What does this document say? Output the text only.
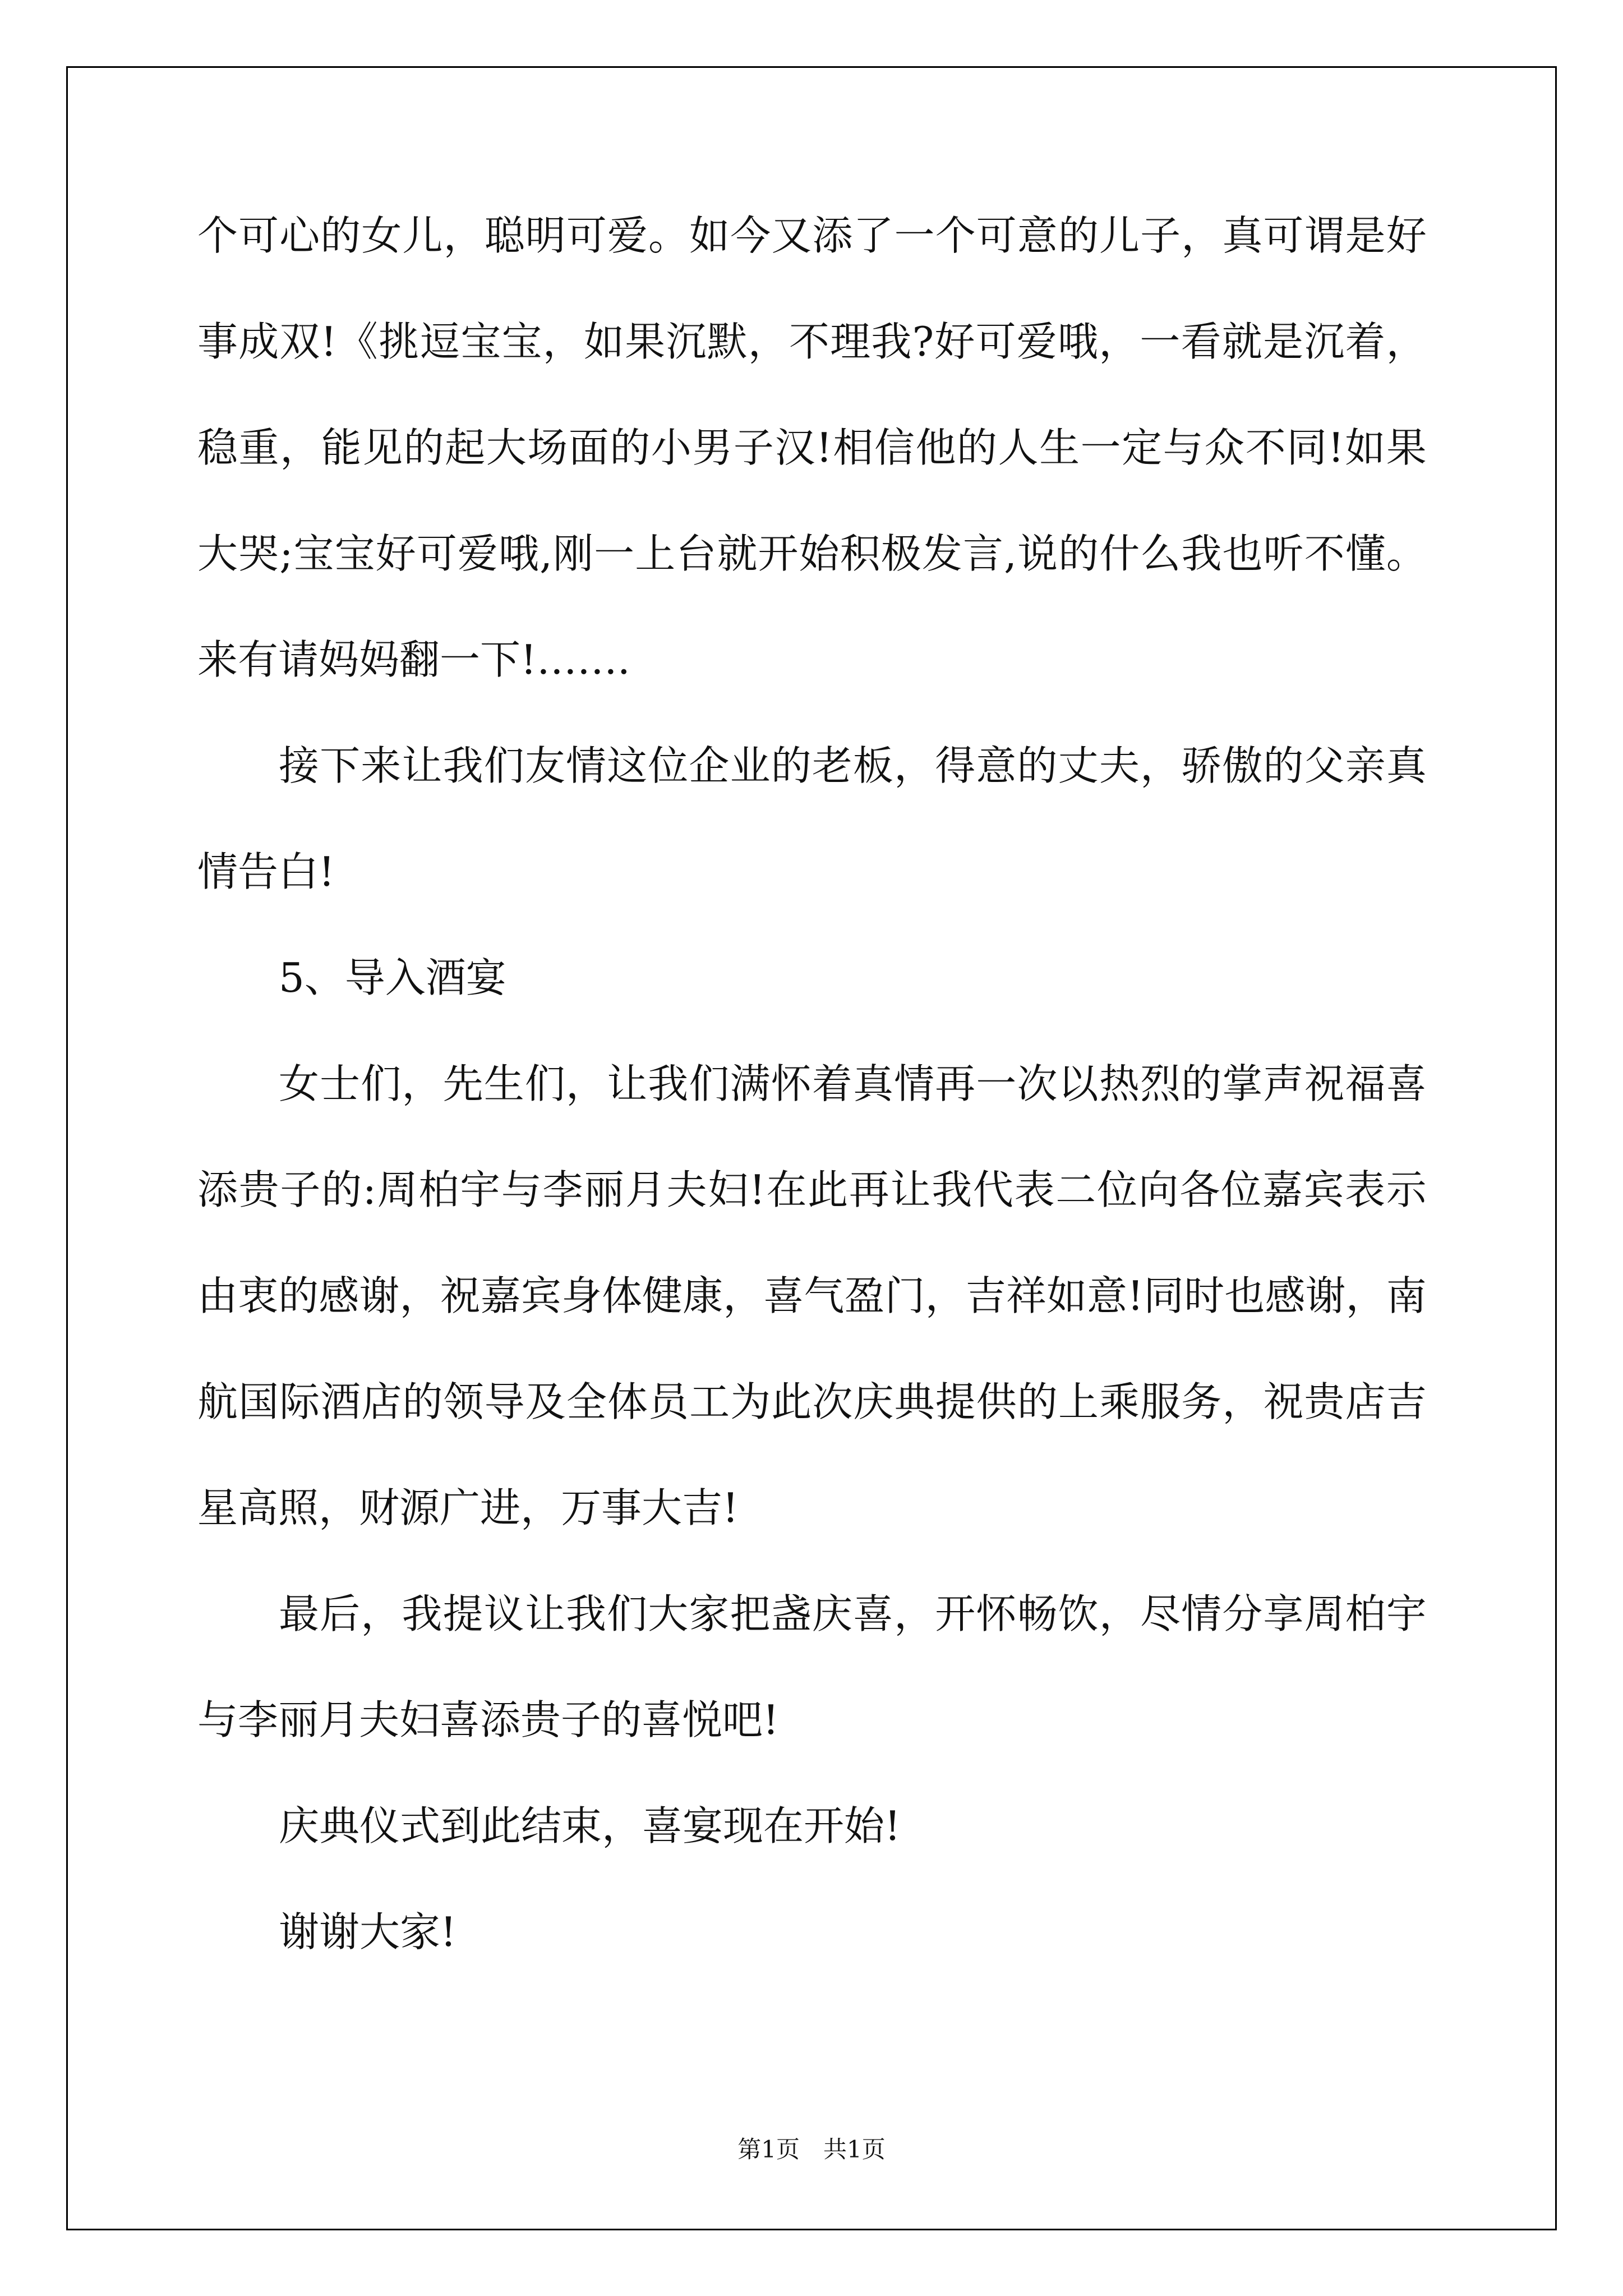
个 可 心 的 女 儿 ， 聪 明 可 爱 。 如 今 又 添 了 一 个 可 意 的 儿 子 ， 真 可 谓 是 好
事 成 双 ! 《 挑 逗 宝 宝 ， 如 果 沉 默 ， 不 理 我 ? 好 可 爱 哦 ， 一 看 就 是 沉 着 ，
稳 重 ， 能 见 的 起 大 场 面 的 小 男 子 汉 ! 相 信 他 的 人 生 一 定 与 众 不 同 ! 如 果
大 哭 ; 宝 宝 好 可 爱 哦 , 刚 一 上 台 就 开 始 积 极 发 言 , 说 的 什 么 我 也 听 不 懂 。
来有请妈妈翻一下!…….
接 下 来 让 我 们 友 情 这 位 企 业 的 老 板 ， 得 意 的 丈 夫 ， 骄 傲 的 父 亲 真
情告白!
5、导入酒宴
女 士 们 ， 先 生 们 ， 让 我 们 满 怀 着 真 情 再 一 次 以 热 烈 的 掌 声 祝 福 喜
添 贵 子 的 : 周 柏 宇 与 李 丽 月 夫 妇 ! 在 此 再 让 我 代 表 二 位 向 各 位 嘉 宾 表 示
由 衷 的 感 谢 ， 祝 嘉 宾 身 体 健 康 ， 喜 气 盈 门 ， 吉 祥 如 意 ! 同 时 也 感 谢 ， 南
航 国 际 酒 店 的 领 导 及 全 体 员 工 为 此 次 庆 典 提 供 的 上 乘 服 务 ， 祝 贵 店 吉
星高照，财源广进，万事大吉!
最 后 ， 我 提 议 让 我 们 大 家 把 盏 庆 喜 ， 开 怀 畅 饮 ， 尽 情 分 享 周 柏 宇
与李丽月夫妇喜添贵子的喜悦吧!
庆典仪式到此结束，喜宴现在开始!
谢谢大家!
第1页　共1页
